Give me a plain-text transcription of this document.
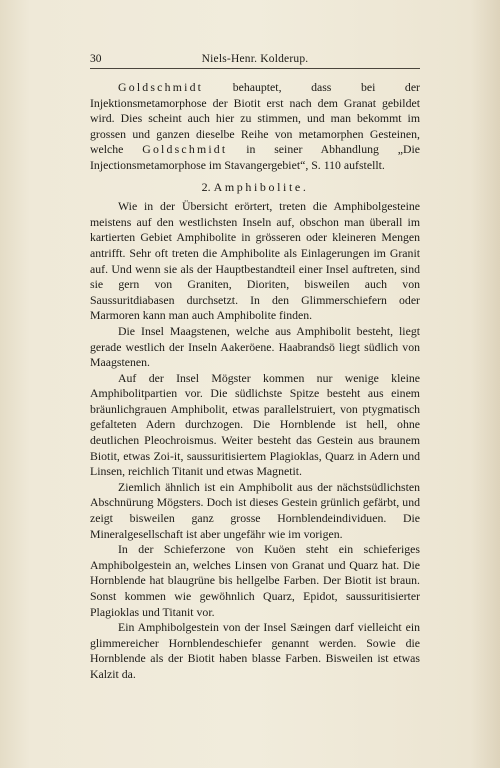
30	Niels-Henr. Kolderup.

Goldschmidt behauptet, dass bei der Injektionsmetamorphose der Biotit erst nach dem Granat gebildet wird. Dies scheint auch hier zu stimmen, und man bekommt im grossen und ganzen dieselbe Reihe von metamorphen Gesteinen, welche Goldschmidt in seiner Abhandlung „Die Injectionsmetamorphose im Stavangergebiet“, S. 110 aufstellt.

2. Amphibolite.

Wie in der Übersicht erörtert, treten die Amphibolgesteine meistens auf den westlichsten Inseln auf, obschon man überall im kartierten Gebiet Amphibolite in grösseren oder kleineren Mengen antrifft. Sehr oft treten die Amphibolite als Einlagerungen im Granit auf. Und wenn sie als der Hauptbestandteil einer Insel auftreten, sind sie gern von Graniten, Dioriten, bisweilen auch von Saussuritdiabasen durchsetzt. In den Glimmerschiefern oder Marmoren kann man auch Amphibolite finden.

Die Insel Maagstenen, welche aus Amphibolit besteht, liegt gerade westlich der Inseln Aakeröene. Haabrandsö liegt südlich von Maagstenen.

Auf der Insel Mögster kommen nur wenige kleine Amphibolitpartien vor. Die südlichste Spitze besteht aus einem bräunlichgrauen Amphibolit, etwas parallelstruiert, von ptygmatisch gefalteten Adern durchzogen. Die Hornblende ist hell, ohne deutlichen Pleochroismus. Weiter besteht das Gestein aus braunem Biotit, etwas Zoi-it, saussuritisiertem Plagioklas, Quarz in Adern und Linsen, reichlich Titanit und etwas Magnetit.

Ziemlich ähnlich ist ein Amphibolit aus der nächstsüdlichsten Abschnürung Mögsters. Doch ist dieses Gestein grünlich gefärbt, und zeigt bisweilen ganz grosse Hornblendeindividuen. Die Mineralgesellschaft ist aber ungefähr wie im vorigen.

In der Schieferzone von Kuöen steht ein schieferiges Amphibolgestein an, welches Linsen von Granat und Quarz hat. Die Hornblende hat blaugrüne bis hellgelbe Farben. Der Biotit ist braun. Sonst kommen wie gewöhnlich Quarz, Epidot, saussuritisierter Plagioklas und Titanit vor.

Ein Amphibolgestein von der Insel Sæingen darf vielleicht ein glimmereicher Hornblendeschiefer genannt werden. Sowie die Hornblende als der Biotit haben blasse Farben. Bisweilen ist etwas Kalzit da.
